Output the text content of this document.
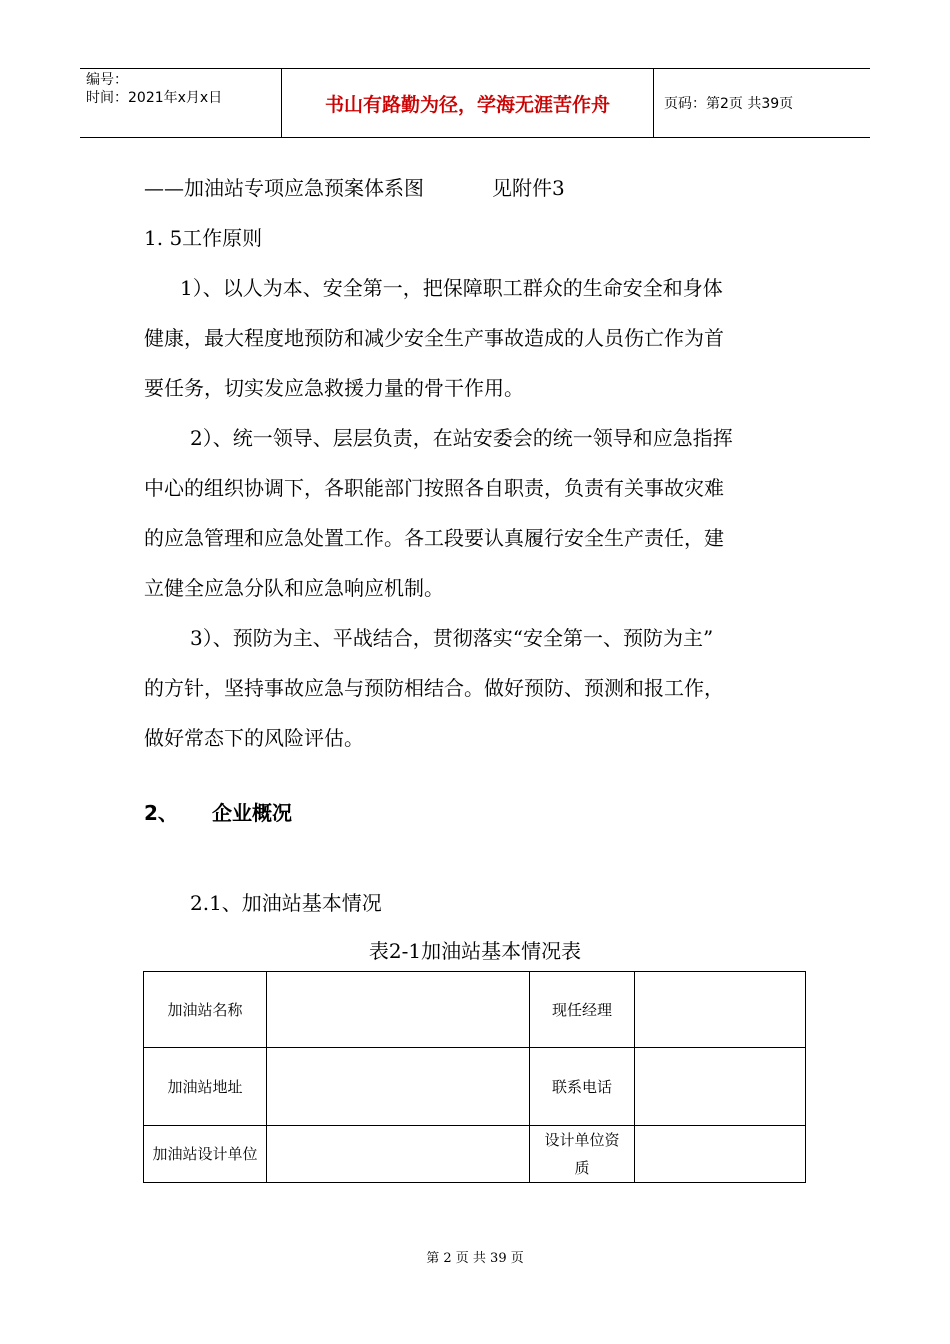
编号：
时间：2021年x月x日	书山有路勤为径，学海无涯苦作舟	页码：第2页 共39页
——加油站专项应急预案体系图	见附件3
1. 5工作原则
1）、以人为本、安全第一，把保障职工群众的生命安全和身体
健康，最大程度地预防和减少安全生产事故造成的人员伤亡作为首
要任务，切实发应急救援力量的骨干作用。
2）、统一领导、层层负责，在站安委会的统一领导和应急指挥
中心的组织协调下，各职能部门按照各自职责，负责有关事故灾难
的应急管理和应急处置工作。各工段要认真履行安全生产责任，建
立健全应急分队和应急响应机制。
3）、预防为主、平战结合，贯彻落实“安全第一、预防为主”
的方针，坚持事故应急与预防相结合。做好预防、预测和报工作，
做好常态下的风险评估。
2、 企业概况
2.1、加油站基本情况
表2-1加油站基本情况表
加油站名称		现任经理	
加油站地址		联系电话	
加油站设计单位		设计单位资质	
第 2 页 共 39 页
